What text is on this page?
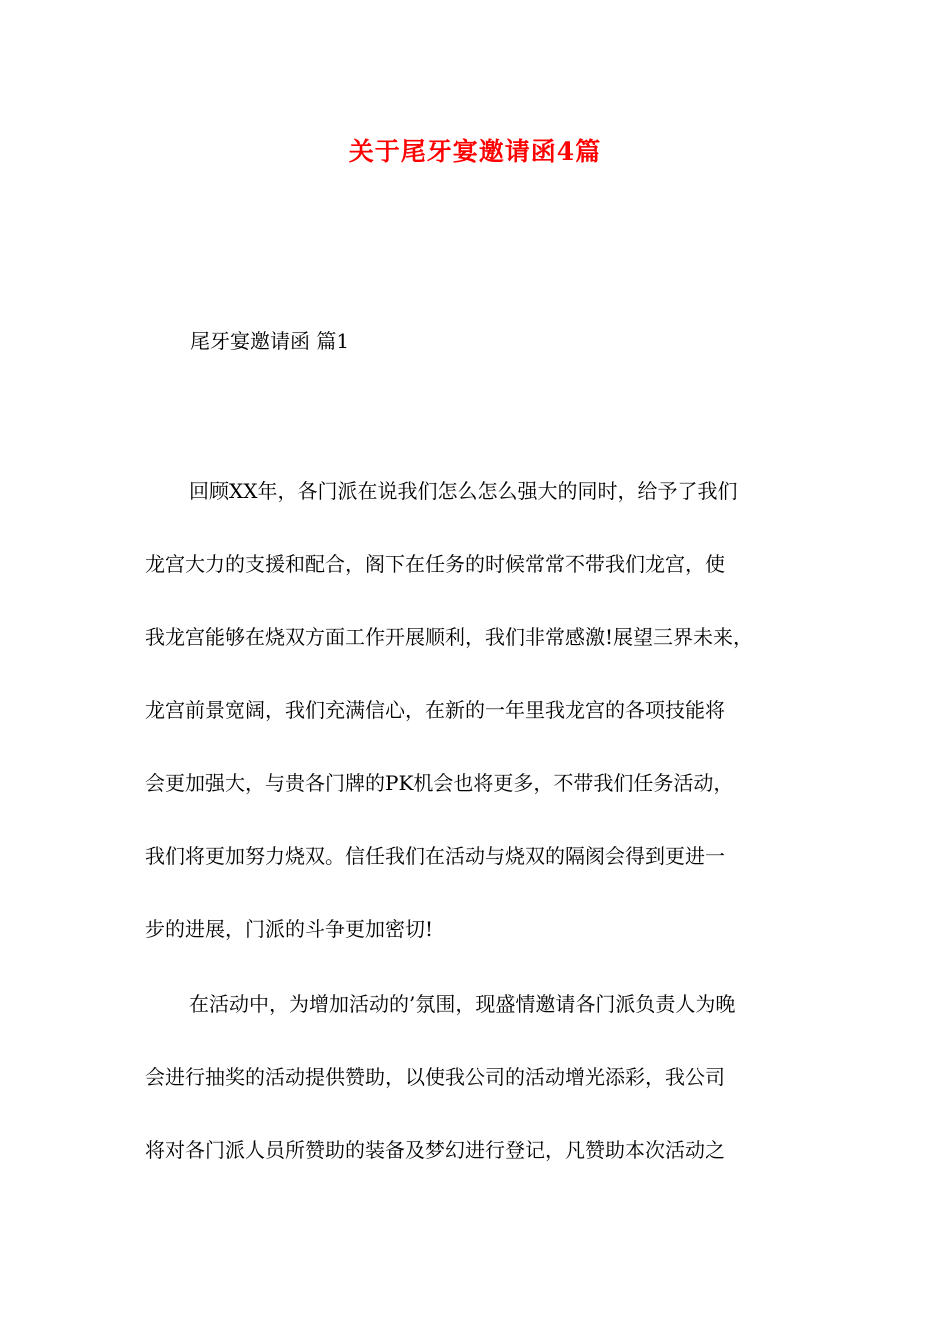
关于尾牙宴邀请函4篇
尾牙宴邀请函 篇1
回顾XX年，各门派在说我们怎么怎么强大的同时，给予了我们
龙宫大力的支援和配合，阁下在任务的时候常常不带我们龙宫，使
我龙宫能够在烧双方面工作开展顺利，我们非常感激!展望三界未来，
龙宫前景宽阔，我们充满信心，在新的一年里我龙宫的各项技能将
会更加强大，与贵各门牌的PK机会也将更多，不带我们任务活动，
我们将更加努力烧双。信任我们在活动与烧双的隔阂会得到更进一
步的进展，门派的斗争更加密切!
在活动中，为增加活动的’氛围，现盛情邀请各门派负责人为晚
会进行抽奖的活动提供赞助，以使我公司的活动增光添彩，我公司
将对各门派人员所赞助的装备及梦幻进行登记，凡赞助本次活动之
